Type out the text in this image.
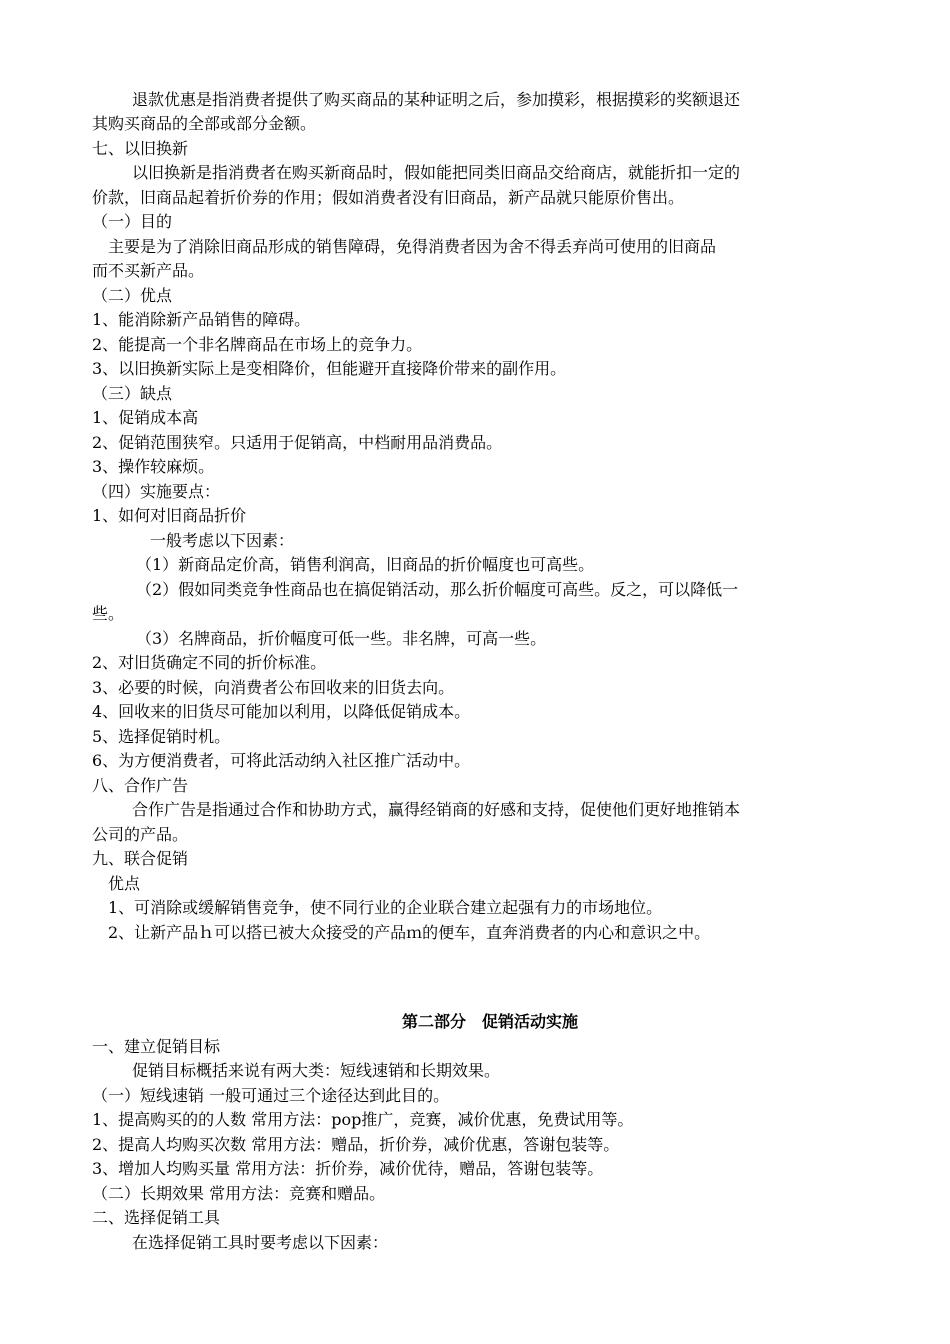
退款优惠是指消费者提供了购买商品的某种证明之后，参加摸彩，根据摸彩的奖额退还
其购买商品的全部或部分金额。
七、以旧换新
以旧换新是指消费者在购买新商品时，假如能把同类旧商品交给商店，就能折扣一定的
价款，旧商品起着折价券的作用；假如消费者没有旧商品，新产品就只能原价售出。
（一）目的
主要是为了消除旧商品形成的销售障碍，免得消费者因为舍不得丢弃尚可使用的旧商品
而不买新产品。
（二）优点
1、能消除新产品销售的障碍。
2、能提高一个非名牌商品在市场上的竞争力。
3、以旧换新实际上是变相降价，但能避开直接降价带来的副作用。
（三）缺点
1、促销成本高
2、促销范围狭窄。只适用于促销高，中档耐用品消费品。
3、操作较麻烦。
（四）实施要点：
1、如何对旧商品折价
一般考虑以下因素：
（1）新商品定价高，销售利润高，旧商品的折价幅度也可高些。
（2）假如同类竞争性商品也在搞促销活动，那么折价幅度可高些。反之，可以降低一
些。
（3）名牌商品，折价幅度可低一些。非名牌，可高一些。
2、对旧货确定不同的折价标准。
3、必要的时候，向消费者公布回收来的旧货去向。
4、回收来的旧货尽可能加以利用，以降低促销成本。
5、选择促销时机。
6、为方便消费者，可将此活动纳入社区推广活动中。
八、合作广告
合作广告是指通过合作和协助方式，赢得经销商的好感和支持，促使他们更好地推销本
公司的产品。
九、联合促销
优点
1、可消除或缓解销售竞争，使不同行业的企业联合建立起强有力的市场地位。
2、让新产品ｈ可以搭已被大众接受的产品ｍ的便车，直奔消费者的内心和意识之中。
第二部分　促销活动实施
一、建立促销目标
促销目标概括来说有两大类：短线速销和长期效果。
（一）短线速销 一般可通过三个途径达到此目的。
1、提高购买的的人数 常用方法：pop推广，竞赛，减价优惠，免费试用等。
2、提高人均购买次数 常用方法：赠品，折价券，减价优惠，答谢包装等。
3、增加人均购买量 常用方法：折价券，减价优待，赠品，答谢包装等。
（二）长期效果 常用方法：竞赛和赠品。
二、选择促销工具
在选择促销工具时要考虑以下因素：
